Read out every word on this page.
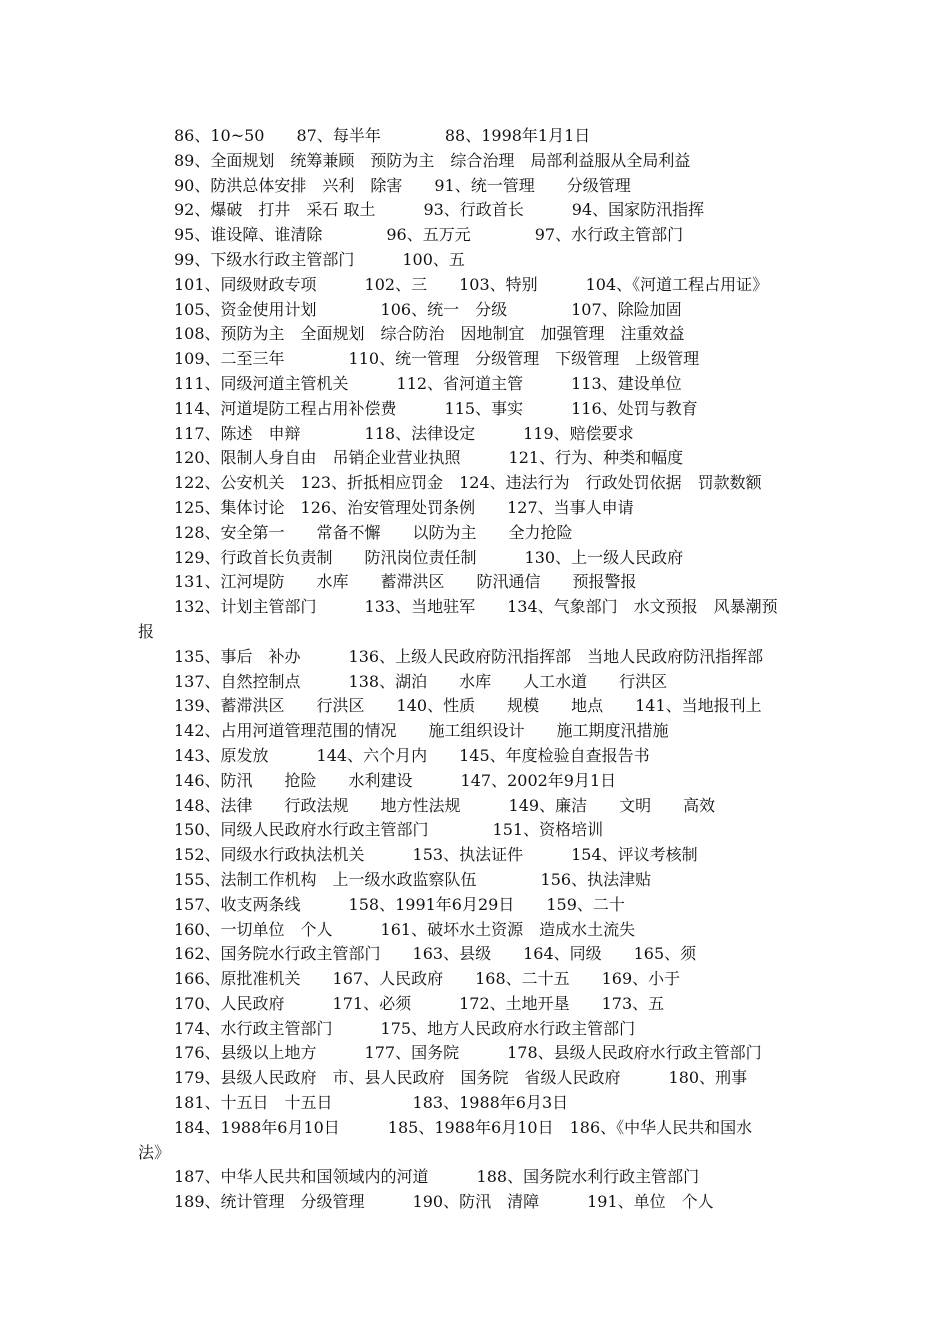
86、10~50　　87、每半年　　　　88、1998年1月1日
89、全面规划　统筹兼顾　预防为主　综合治理　局部利益服从全局利益
90、防洪总体安排　兴利　除害　　91、统一管理　　分级管理
92、爆破　打井　采石 取土　　　93、行政首长　　　94、国家防汛指挥
95、谁设障、谁清除　　　　96、五万元　　　　97、水行政主管部门
99、下级水行政主管部门　　　100、五
101、同级财政专项　　　102、三　　103、特别　　　104、《河道工程占用证》
105、资金使用计划　　　　106、统一　分级　　　　107、除险加固
108、预防为主　全面规划　综合防治　因地制宜　加强管理　注重效益
109、二至三年　　　　110、统一管理　分级管理　下级管理　上级管理
111、同级河道主管机关　　　112、省河道主管　　　113、建设单位
114、河道堤防工程占用补偿费　　　115、事实　　　116、处罚与教育
117、陈述　申辩　　　　118、法律设定　　　119、赔偿要求
120、限制人身自由　吊销企业营业执照　　　121、行为、种类和幅度
122、公安机关　123、折抵相应罚金　124、违法行为　行政处罚依据　罚款数额
125、集体讨论　126、治安管理处罚条例　　127、当事人申请
128、安全第一　　常备不懈　　以防为主　　全力抢险
129、行政首长负责制　　防汛岗位责任制　　　130、上一级人民政府
131、江河堤防　　水库　　蓄滞洪区　　防汛通信　　预报警报
132、计划主管部门　　　133、当地驻军　　134、气象部门　水文预报　风暴潮预
报
135、事后　补办　　　136、上级人民政府防汛指挥部　当地人民政府防汛指挥部
137、自然控制点　　　138、湖泊　　水库　　人工水道　　行洪区
139、蓄滞洪区　　行洪区　　140、性质　　规模　　地点　　141、当地报刊上
142、占用河道管理范围的情况　　施工组织设计　　施工期度汛措施
143、原发放　　　144、六个月内　　145、年度检验自查报告书
146、防汛　　抢险　　水利建设　　　147、2002年9月1日
148、法律　　行政法规　　地方性法规　　　149、廉洁　　文明　　高效
150、同级人民政府水行政主管部门　　　　151、资格培训
152、同级水行政执法机关　　　153、执法证件　　　154、评议考核制
155、法制工作机构　上一级水政监察队伍　　　　156、执法津贴
157、收支两条线　　　158、1991年6月29日　　159、二十
160、一切单位　个人　　　161、破坏水土资源　造成水土流失
162、国务院水行政主管部门　　163、县级　　164、同级　　165、须
166、原批准机关　　167、人民政府　　168、二十五　　169、小于
170、人民政府　　　171、必须　　　172、土地开垦　　173、五
174、水行政主管部门　　　175、地方人民政府水行政主管部门
176、县级以上地方　　　177、国务院　　　178、县级人民政府水行政主管部门
179、县级人民政府　市、县人民政府　国务院　省级人民政府　　　180、刑事
181、十五日　十五日　　　　　183、1988年6月3日
184、1988年6月10日　　　185、1988年6月10日　186、《中华人民共和国水
法》
187、中华人民共和国领域内的河道　　　188、国务院水利行政主管部门
189、统计管理　分级管理　　　190、防汛　清障　　　191、单位　个人
